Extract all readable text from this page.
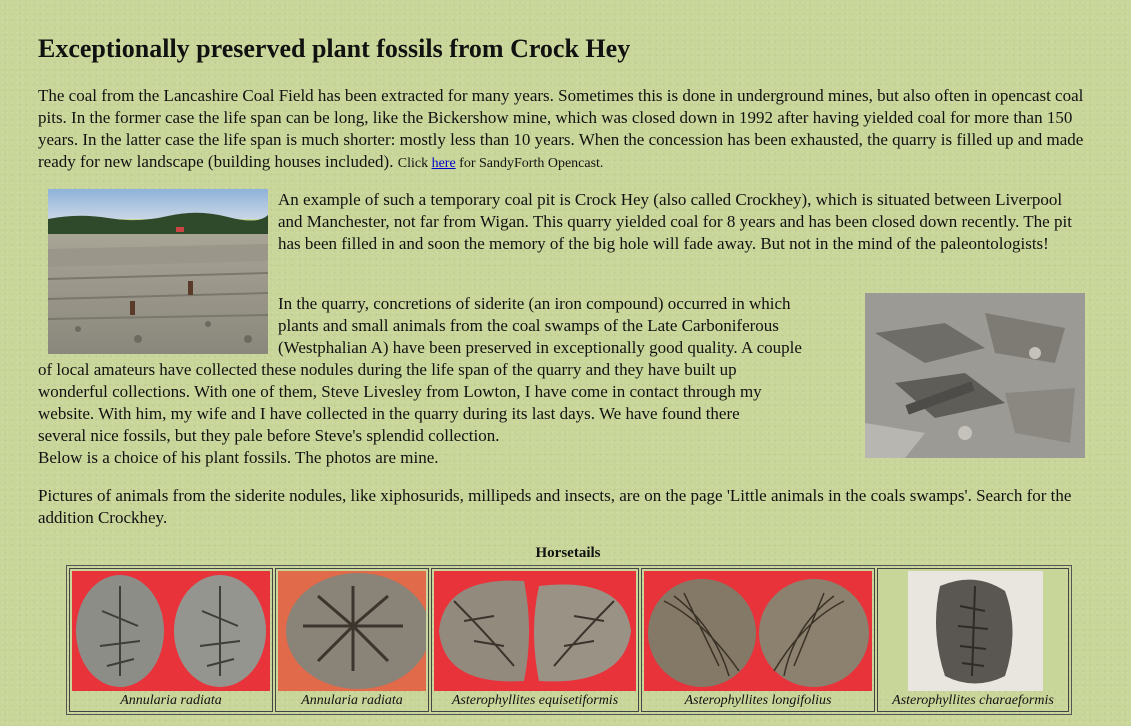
Exceptionally preserved plant fossils from Crock Hey

The coal from the Lancashire Coal Field has been extracted for many years. Sometimes this is done in underground mines, but also often in opencast coal pits. In the former case the life span can be long, like the Bickershow mine, which was closed down in 1992 after having yielded coal for more than 150 years. In the latter case the life span is much shorter: mostly less than 10 years. When the concession has been exhausted, the quarry is filled up and made ready for new landscape (building houses included). Click here for SandyForth Opencast.

An example of such a temporary coal pit is Crock Hey (also called Crockhey), which is situated between Liverpool and Manchester, not far from Wigan. This quarry yielded coal for 8 years and has been closed down recently. The pit has been filled in and soon the memory of the big hole will fade away. But not in the mind of the paleontologists!

In the quarry, concretions of siderite (an iron compound) occurred in which
plants and small animals from the coal swamps of the Late Carboniferous
(Westphalian A) have been preserved in exceptionally good quality. A couple
of local amateurs have collected these nodules during the life span of the quarry and they have built up
wonderful collections. With one of them, Steve Livesley from Lowton, I have come in contact through my
website. With him, my wife and I have collected in the quarry during its last days. We have found there
several nice fossils, but they pale before Steve's splendid collection.
Below is a choice of his plant fossils. The photos are mine.

Pictures of animals from the siderite nodules, like xiphosurids, millipeds and insects, are on the page 'Little animals in the coals swamps'. Search for the addition Crockhey.

Horsetails
Annularia radiata	Annularia radiata	Asterophyllites equisetiformis	Asterophyllites longifolius	Asterophyllites charaeformis
